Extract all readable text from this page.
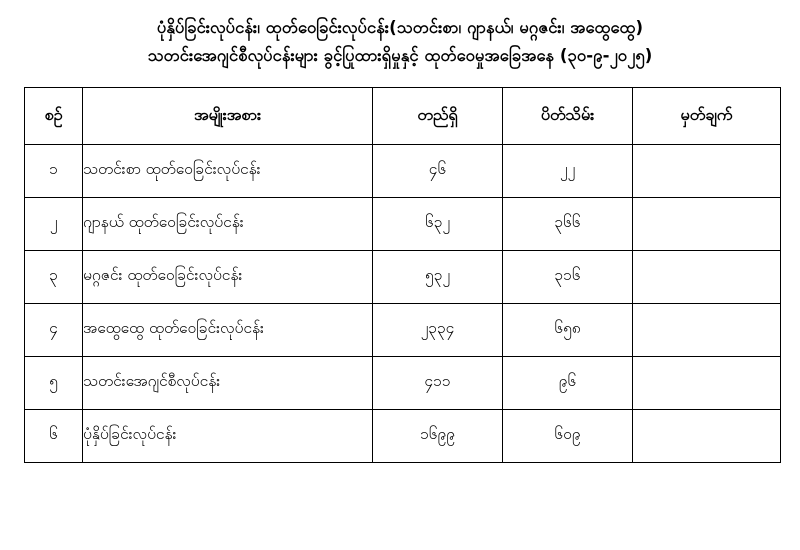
ပုံနှိပ်ခြင်းလုပ်ငန်း၊ ထုတ်ဝေခြင်းလုပ်ငန်း(သတင်းစာ၊ ဂျာနယ်၊ မဂ္ဂဇင်း၊ အထွေထွေ)
သတင်းအေဂျင်စီလုပ်ငန်းများ ခွင့်ပြုထားရှိမှုနှင့် ထုတ်ဝေမှုအခြေအနေ (၃၀-၉-၂၀၂၅)
စဉ်	အမျိုးအစား	တည်ရှိ	ပိတ်သိမ်း	မှတ်ချက်
၁	သတင်းစာ ထုတ်ဝေခြင်းလုပ်ငန်း	၄၆	၂၂	
၂	ဂျာနယ် ထုတ်ဝေခြင်းလုပ်ငန်း	၆၃၂	၃၆၆	
၃	မဂ္ဂဇင်း ထုတ်ဝေခြင်းလုပ်ငန်း	၅၃၂	၃၁၆	
၄	အထွေထွေ ထုတ်ဝေခြင်းလုပ်ငန်း	၂၃၃၄	၆၅၈	
၅	သတင်းအေဂျင်စီလုပ်ငန်း	၄၁၁	၉၆	
၆	ပုံနှိပ်ခြင်းလုပ်ငန်း	၁၆၉၉	၆၀၉	
